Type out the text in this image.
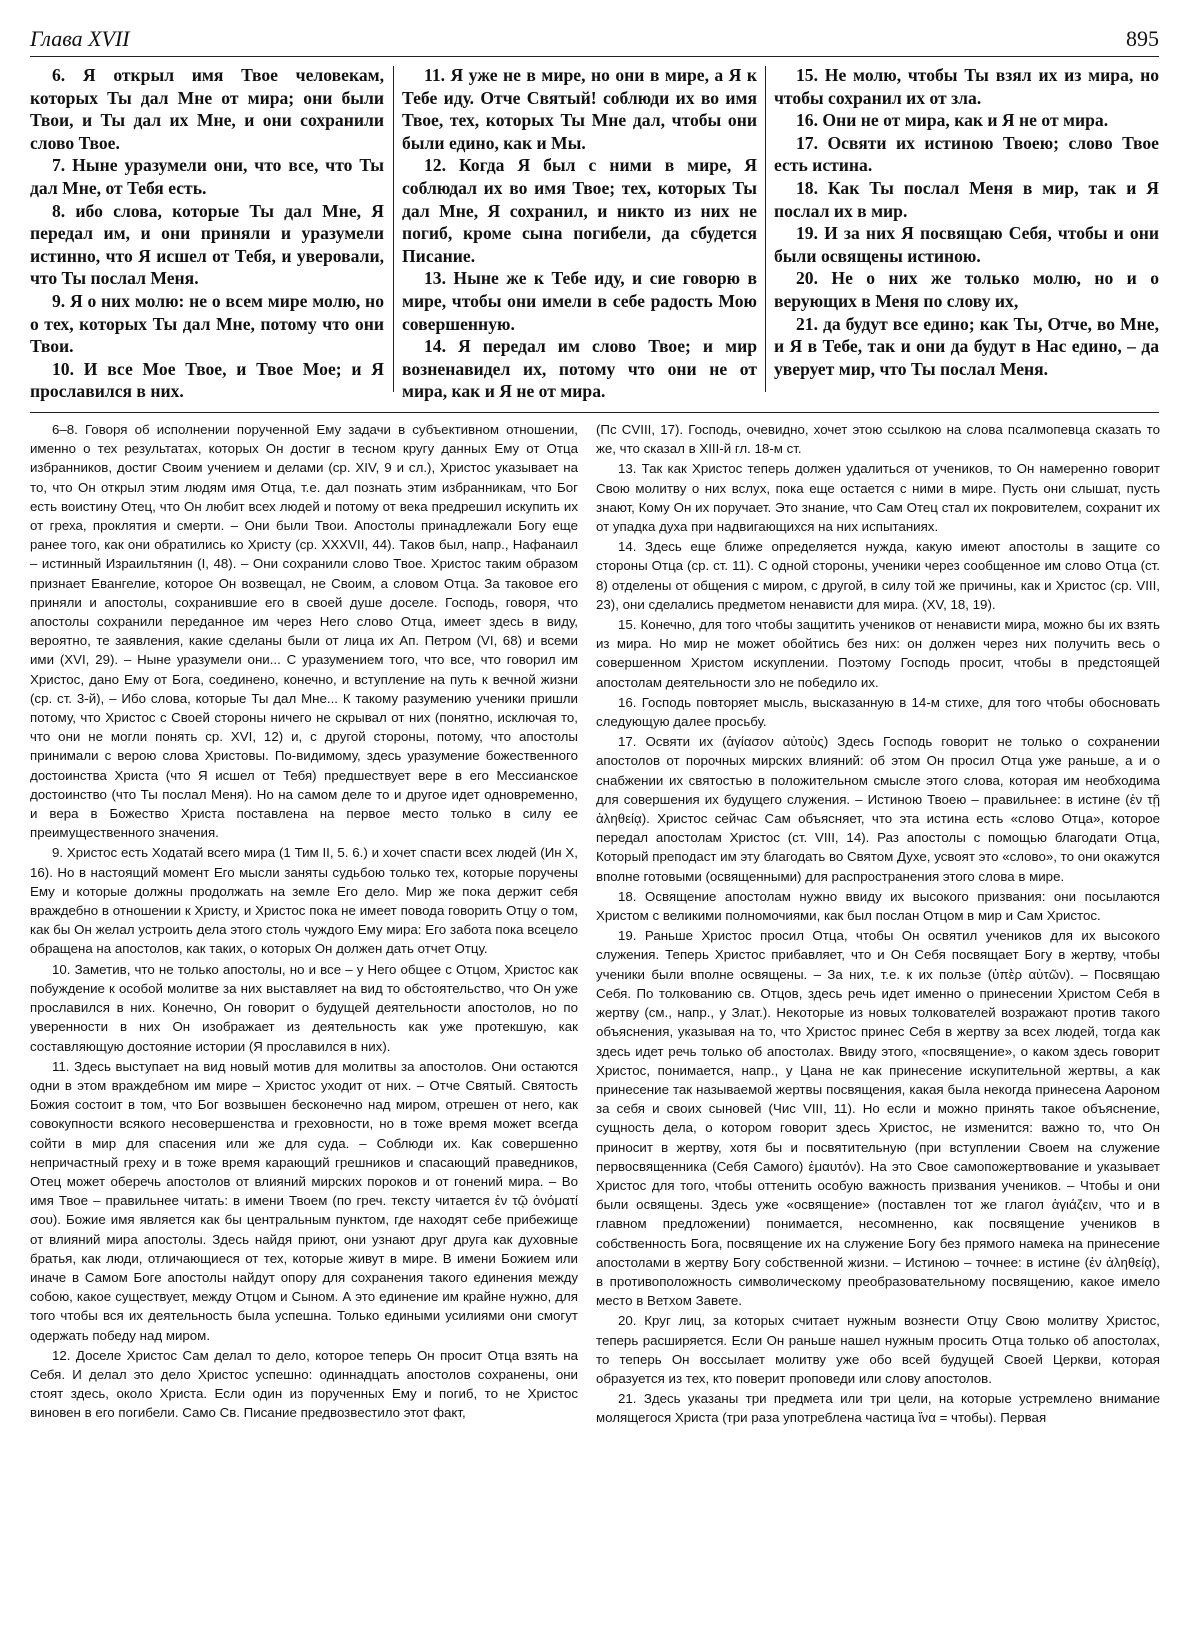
Глава XVII	895

6. Я открыл имя Твое человекам, которых Ты дал Мне от мира; они были Твои, и Ты дал их Мне, и они сохранили слово Твое.

7. Ныне уразумели они, что все, что Ты дал Мне, от Тебя есть.

8. ибо слова, которые Ты дал Мне, Я передал им, и они приняли и уразумели истинно, что Я исшел от Тебя, и уверовали, что Ты послал Меня.

9. Я о них молю: не о всем мире молю, но о тех, которых Ты дал Мне, потому что они Твои.

10. И все Мое Твое, и Твое Мое; и Я прославился в них.

11. Я уже не в мире, но они в мире, а Я к Тебе иду. Отче Святый! соблюди их во имя Твое, тех, которых Ты Мне дал, чтобы они были едино, как и Мы.

12. Когда Я был с ними в мире, Я соблюдал их во имя Твое; тех, которых Ты дал Мне, Я сохранил, и никто из них не погиб, кроме сына погибели, да сбудется Писание.

13. Ныне же к Тебе иду, и сие говорю в мире, чтобы они имели в себе радость Мою совершенную.

14. Я передал им слово Твое; и мир возненавидел их, потому что они не от мира, как и Я не от мира.

15. Не молю, чтобы Ты взял их из мира, но чтобы сохранил их от зла.

16. Они не от мира, как и Я не от мира.

17. Освяти их истиною Твоею; слово Твое есть истина.

18. Как Ты послал Меня в мир, так и Я послал их в мир.

19. И за них Я посвящаю Себя, чтобы и они были освящены истиною.

20. Не о них же только молю, но и о верующих в Меня по слову их,

21. да будут все едино; как Ты, Отче, во Мне, и Я в Тебе, так и они да будут в Нас едино, – да уверует мир, что Ты послал Меня.

6–8. Говоря об исполнении порученной Ему задачи в субъективном отношении, именно о тех результатах, которых Он достиг в тесном кругу данных Ему от Отца избранников, достиг Своим учением и делами (ср. XIV, 9 и сл.), Христос указывает на то, что Он открыл этим людям имя Отца, т.е. дал познать этим избранникам, что Бог есть воистину Отец, что Он любит всех людей и потому от века предрешил искупить их от греха, проклятия и смерти. – Они были Твои. Апостолы принадлежали Богу еще ранее того, как они обратились ко Христу (ср. XXXVII, 44). Таков был, напр., Нафанаил – истинный Израильтянин (I, 48). – Они сохранили слово Твое. Христос таким образом признает Евангелие, которое Он возвещал, не Своим, а словом Отца. За таковое его приняли и апостолы, сохранившие его в своей душе доселе. Господь, говоря, что апостолы сохранили переданное им через Него слово Отца, имеет здесь в виду, вероятно, те заявления, какие сделаны были от лица их Ап. Петром (VI, 68) и всеми ими (XVI, 29). – Ныне уразумели они... С уразумением того, что все, что говорил им Христос, дано Ему от Бога, соединено, конечно, и вступление на путь к вечной жизни (ср. ст. 3-й), – Ибо слова, которые Ты дал Мне... К такому разумению ученики пришли потому, что Христос с Своей стороны ничего не скрывал от них (понятно, исключая то, что они не могли понять ср. XVI, 12) и, с другой стороны, потому, что апостолы принимали с верою слова Христовы. По-видимому, здесь уразумение божественного достоинства Христа (что Я исшел от Тебя) предшествует вере в его Мессианское достоинство (что Ты послал Меня). Но на самом деле то и другое идет одновременно, и вера в Божество Христа поставлена на первое место только в силу ее преимущественного значения.

9. Христос есть Ходатай всего мира (1 Тим II, 5. 6.) и хочет спасти всех людей (Ин X, 16). Но в настоящий момент Его мысли заняты судьбою только тех, которые поручены Ему и которые должны продолжать на земле Его дело. Мир же пока держит себя враждебно в отношении к Христу, и Христос пока не имеет повода говорить Отцу о том, как бы Он желал устроить дела этого столь чуждого Ему мира: Его забота пока всецело обращена на апостолов, как таких, о которых Он должен дать отчет Отцу.

10. Заметив, что не только апостолы, но и все – у Него общее с Отцом, Христос как побуждение к особой молитве за них выставляет на вид то обстоятельство, что Он уже прославился в них. Конечно, Он говорит о будущей деятельности апостолов, но по уверенности в них Он изображает из деятельность как уже протекшую, как составляющую достояние истории (Я прославился в них).

11. Здесь выступает на вид новый мотив для молитвы за апостолов. Они остаются одни в этом враждебном им мире – Христос уходит от них. – Отче Святый. Святость Божия состоит в том, что Бог возвышен бесконечно над миром, отрешен от него, как совокупности всякого несовершенства и греховности, но в тоже время может всегда сойти в мир для спасения или же для суда. – Соблюди их. Как совершенно непричастный греху и в тоже время карающий грешников и спасающий праведников, Отец может оберечь апостолов от влияний мирских пороков и от гонений мира. – Во имя Твое – правильнее читать: в имени Твоем (по греч. тексту читается ἐν τῷ ὀνόματί σου). Божие имя является как бы центральным пунктом, где находят себе прибежище от влияний мира апостолы. Здесь найдя приют, они узнают друг друга как духовные братья, как люди, отличающиеся от тех, которые живут в мире. В имени Божием или иначе в Самом Боге апостолы найдут опору для сохранения такого единения между собою, какое существует, между Отцом и Сыном. А это единение им крайне нужно, для того чтобы вся их деятельность была успешна. Только едиными усилиями они смогут одержать победу над миром.

12. Доселе Христос Сам делал то дело, которое теперь Он просит Отца взять на Себя. И делал это дело Христос успешно: одиннадцать апостолов сохранены, они стоят здесь, около Христа. Если один из порученных Ему и погиб, то не Христос виновен в его погибели. Само Св. Писание предвозвестило этот факт,

(Пс CVIII, 17). Господь, очевидно, хочет этою ссылкою на слова псалмопевца сказать то же, что сказал в XIII-й гл. 18-м ст.

13. Так как Христос теперь должен удалиться от учеников, то Он намеренно говорит Свою молитву о них вслух, пока еще остается с ними в мире. Пусть они слышат, пусть знают, Кому Он их поручает. Это знание, что Сам Отец стал их покровителем, сохранит их от упадка духа при надвигающихся на них испытаниях.

14. Здесь еще ближе определяется нужда, какую имеют апостолы в защите со стороны Отца (ср. ст. 11). С одной стороны, ученики через сообщенное им слово Отца (ст. 8) отделены от общения с миром, с другой, в силу той же причины, как и Христос (ср. VIII, 23), они сделались предметом ненависти для мира. (XV, 18, 19).

15. Конечно, для того чтобы защитить учеников от ненависти мира, можно бы их взять из мира. Но мир не может обойтись без них: он должен через них получить весь о совершенном Христом искуплении. Поэтому Господь просит, чтобы в предстоящей апостолам деятельности зло не победило их.

16. Господь повторяет мысль, высказанную в 14-м стихе, для того чтобы обосновать следующую далее просьбу.

17. Освяти их (ἁγίασον αὐτοὺς) Здесь Господь говорит не только о сохранении апостолов от порочных мирских влияний: об этом Он просил Отца уже раньше, а и о снабжении их святостью в положительном смысле этого слова, которая им необходима для совершения их будущего служения. – Истиною Твоею – правильнее: в истине (ἐν τῇ ἀληθείᾳ). Христос сейчас Сам объясняет, что эта истина есть «слово Отца», которое передал апостолам Христос (ст. VIII, 14). Раз апостолы с помощью благодати Отца, Который преподаст им эту благодать во Святом Духе, усвоят это «слово», то они окажутся вполне готовыми (освященными) для распространения этого слова в мире.

18. Освящение апостолам нужно ввиду их высокого призвания: они посылаются Христом с великими полномочиями, как был послан Отцом в мир и Сам Христос.

19. Раньше Христос просил Отца, чтобы Он освятил учеников для их высокого служения. Теперь Христос прибавляет, что и Он Себя посвящает Богу в жертву, чтобы ученики были вполне освящены. – За них, т.е. к их пользе (ὑπὲρ αὐτῶν). – Посвящаю Себя. По толкованию св. Отцов, здесь речь идет именно о принесении Христом Себя в жертву (см., напр., у Злат.). Некоторые из новых толкователей возражают против такого объяснения, указывая на то, что Христос принес Себя в жертву за всех людей, тогда как здесь идет речь только об апостолах. Ввиду этого, «посвящение», о каком здесь говорит Христос, понимается, напр., у Цана не как принесение искупительной жертвы, а как принесение так называемой жертвы посвящения, какая была некогда принесена Аароном за себя и своих сыновей (Чис VIII, 11). Но если и можно принять такое объяснение, сущность дела, о котором говорит здесь Христос, не изменится: важно то, что Он приносит в жертву, хотя бы и посвятительную (при вступлении Своем на служение первосвященника (Себя Самого) ἐμαυτόν). На это Свое самопожертвование и указывает Христос для того, чтобы оттенить особую важность призвания учеников. – Чтобы и они были освящены. Здесь уже «освящение» (поставлен тот же глагол ἁγιάζειν, что и в главном предложении) понимается, несомненно, как посвящение учеников в собственность Бога, посвящение их на служение Богу без прямого намека на принесение апостолами в жертву Богу собственной жизни. – Истиною – точнее: в истине (ἐν ἀληθείᾳ), в противоположность символическому преобразовательному посвящению, какое имело место в Ветхом Завете.

20. Круг лиц, за которых считает нужным вознести Отцу Свою молитву Христос, теперь расширяется. Если Он раньше нашел нужным просить Отца только об апостолах, то теперь Он воссылает молитву уже обо всей будущей Своей Церкви, которая образуется из тех, кто поверит проповеди или слову апостолов.

21. Здесь указаны три предмета или три цели, на которые устремлено внимание молящегося Христа (три раза употреблена частица ἵνα = чтобы). Первая
